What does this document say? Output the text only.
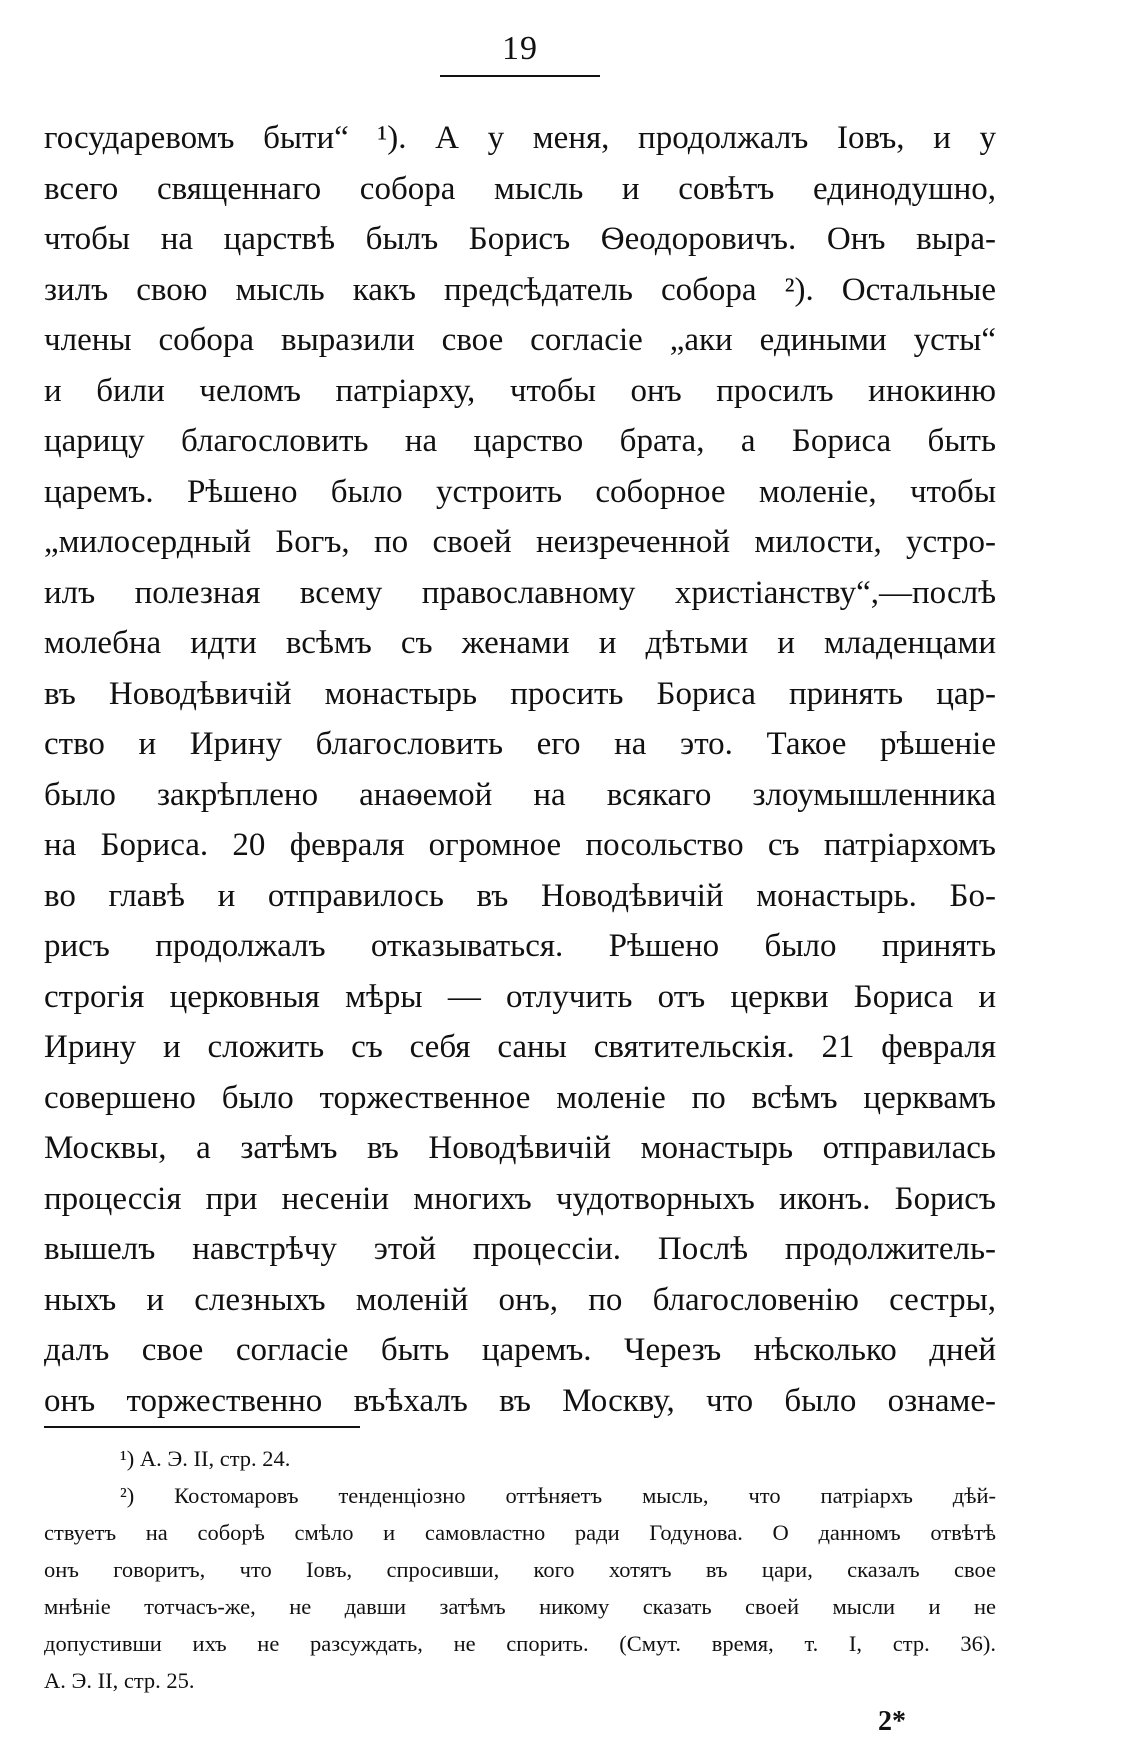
19
государевомъ быти“ ¹). А у меня, продолжалъ Іовъ, и у
всего священнаго собора мысль и совѣтъ единодушно,
чтобы на царствѣ былъ Борисъ Ѳеодоровичъ. Онъ выра-
зилъ свою мысль какъ предсѣдатель собора ²). Остальные
члены собора выразили свое согласіе „аки едиными усты“
и били челомъ патріарху, чтобы онъ просилъ инокиню
царицу благословить на царство брата, а Бориса быть
царемъ. Рѣшено было устроить соборное моленіе, чтобы
„милосердный Богъ, по своей неизреченной милости, устро-
илъ полезная всему православному христіанству“,—послѣ
молебна идти всѣмъ съ женами и дѣтьми и младенцами
въ Новодѣвичій монастырь просить Бориса принять цар-
ство и Ирину благословить его на это. Такое рѣшеніе
было закрѣплено анаѳемой на всякаго злоумышленника
на Бориса. 20 февраля огромное посольство съ патріархомъ
во главѣ и отправилось въ Новодѣвичій монастырь. Бо-
рисъ продолжалъ отказываться. Рѣшено было принять
строгія церковныя мѣры — отлучить отъ церкви Бориса и
Ирину и сложить съ себя саны святительскія. 21 февраля
совершено было торжественное моленіе по всѣмъ церквамъ
Москвы, а затѣмъ въ Новодѣвичій монастырь отправилась
процессія при несеніи многихъ чудотворныхъ иконъ. Борисъ
вышелъ навстрѣчу этой процессіи. Послѣ продолжитель-
ныхъ и слезныхъ моленій онъ, по благословенію сестры,
далъ свое согласіе быть царемъ. Черезъ нѣсколько дней
онъ торжественно въѣхалъ въ Москву, что было ознаме-
¹) А. Э. II, стр. 24.
²) Костомаровъ тенденціозно оттѣняетъ мысль, что патріархъ дѣй-
ствуетъ на соборѣ смѣло и самовластно ради Годунова. О данномъ отвѣтѣ
онъ говоритъ, что Іовъ, спросивши, кого хотятъ въ цари, сказалъ свое
мнѣніе тотчасъ-же, не давши затѣмъ никому сказать своей мысли и не
допустивши ихъ не разсуждать, не спорить. (Смут. время, т. I, стр. 36).
А. Э. II, стр. 25.
2*
